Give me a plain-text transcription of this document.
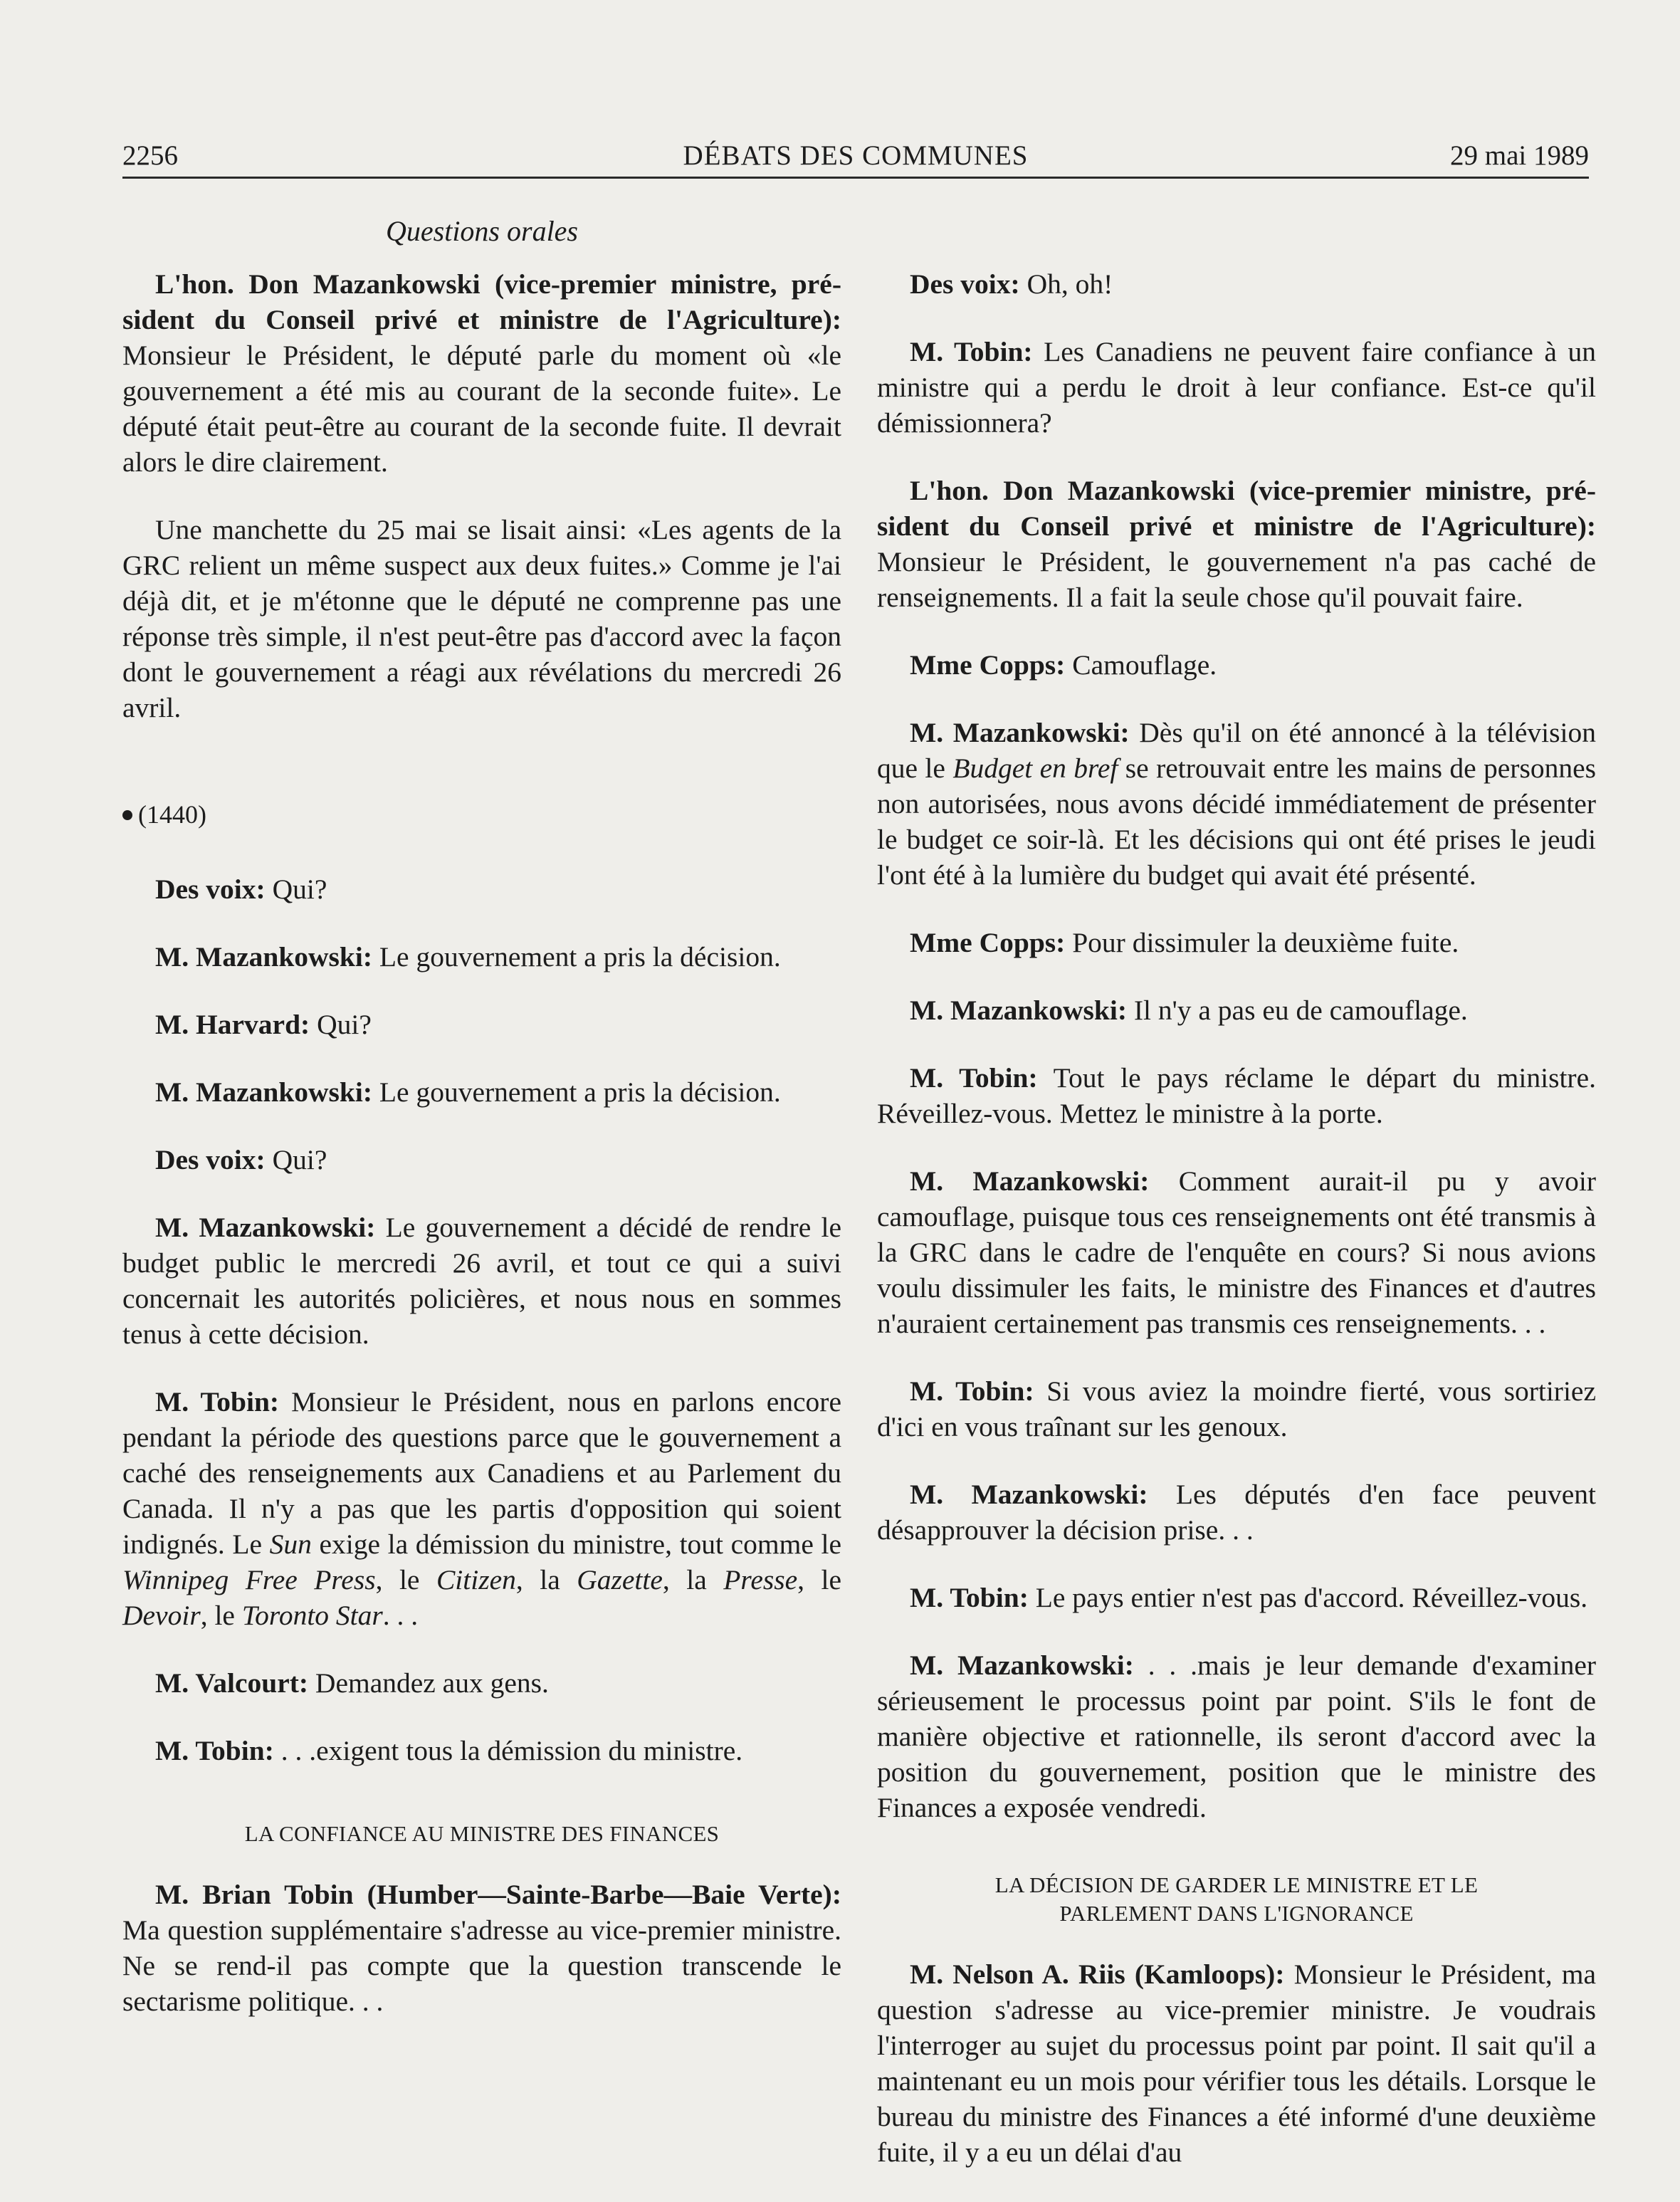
2256	DÉBATS DES COMMUNES	29 mai 1989
Questions orales

L'hon. Don Mazankowski (vice-premier ministre, président du Conseil privé et ministre de l'Agriculture): Monsieur le Président, le député parle du moment où «le gouvernement a été mis au courant de la seconde fuite». Le député était peut-être au courant de la seconde fuite. Il devrait alors le dire clairement.

Une manchette du 25 mai se lisait ainsi: «Les agents de la GRC relient un même suspect aux deux fuites.» Comme je l'ai déjà dit, et je m'étonne que le député ne comprenne pas une réponse très simple, il n'est peut-être pas d'accord avec la façon dont le gouvernement a réagi aux révélations du mercredi 26 avril.

(1440)

Des voix: Qui?

M. Mazankowski: Le gouvernement a pris la décision.

M. Harvard: Qui?

M. Mazankowski: Le gouvernement a pris la décision.

Des voix: Qui?

M. Mazankowski: Le gouvernement a décidé de rendre le budget public le mercredi 26 avril, et tout ce qui a suivi concernait les autorités policières, et nous nous en sommes tenus à cette décision.

M. Tobin: Monsieur le Président, nous en parlons encore pendant la période des questions parce que le gouvernement a caché des renseignements aux Canadiens et au Parlement du Canada. Il n'y a pas que les partis d'opposition qui soient indignés. Le Sun exige la démission du ministre, tout comme le Winnipeg Free Press, le Citizen, la Gazette, la Presse, le Devoir, le Toronto Star. . .

M. Valcourt: Demandez aux gens.

M. Tobin: . . .exigent tous la démission du ministre.

LA CONFIANCE AU MINISTRE DES FINANCES

M. Brian Tobin (Humber—Sainte-Barbe—Baie Verte): Ma question supplémentaire s'adresse au vice-premier ministre. Ne se rend-il pas compte que la question transcende le sectarisme politique. . .

Des voix: Oh, oh!

M. Tobin: Les Canadiens ne peuvent faire confiance à un ministre qui a perdu le droit à leur confiance. Est-ce qu'il démissionnera?

L'hon. Don Mazankowski (vice-premier ministre, président du Conseil privé et ministre de l'Agriculture): Monsieur le Président, le gouvernement n'a pas caché de renseignements. Il a fait la seule chose qu'il pouvait faire.

Mme Copps: Camouflage.

M. Mazankowski: Dès qu'il on été annoncé à la télévision que le Budget en bref se retrouvait entre les mains de personnes non autorisées, nous avons décidé immédiatement de présenter le budget ce soir-là. Et les décisions qui ont été prises le jeudi l'ont été à la lumière du budget qui avait été présenté.

Mme Copps: Pour dissimuler la deuxième fuite.

M. Mazankowski: Il n'y a pas eu de camouflage.

M. Tobin: Tout le pays réclame le départ du ministre. Réveillez-vous. Mettez le ministre à la porte.

M. Mazankowski: Comment aurait-il pu y avoir camouflage, puisque tous ces renseignements ont été transmis à la GRC dans le cadre de l'enquête en cours? Si nous avions voulu dissimuler les faits, le ministre des Finances et d'autres n'auraient certainement pas transmis ces renseignements. . .

M. Tobin: Si vous aviez la moindre fierté, vous sortiriez d'ici en vous traînant sur les genoux.

M. Mazankowski: Les députés d'en face peuvent désapprouver la décision prise. . .

M. Tobin: Le pays entier n'est pas d'accord. Réveillez-vous.

M. Mazankowski: . . .mais je leur demande d'examiner sérieusement le processus point par point. S'ils le font de manière objective et rationnelle, ils seront d'accord avec la position du gouvernement, position que le ministre des Finances a exposée vendredi.

LA DÉCISION DE GARDER LE MINISTRE ET LE
PARLEMENT DANS L'IGNORANCE

M. Nelson A. Riis (Kamloops): Monsieur le Président, ma question s'adresse au vice-premier ministre. Je voudrais l'interroger au sujet du processus point par point. Il sait qu'il a maintenant eu un mois pour vérifier tous les détails. Lorsque le bureau du ministre des Finances a été informé d'une deuxième fuite, il y a eu un délai d'au
